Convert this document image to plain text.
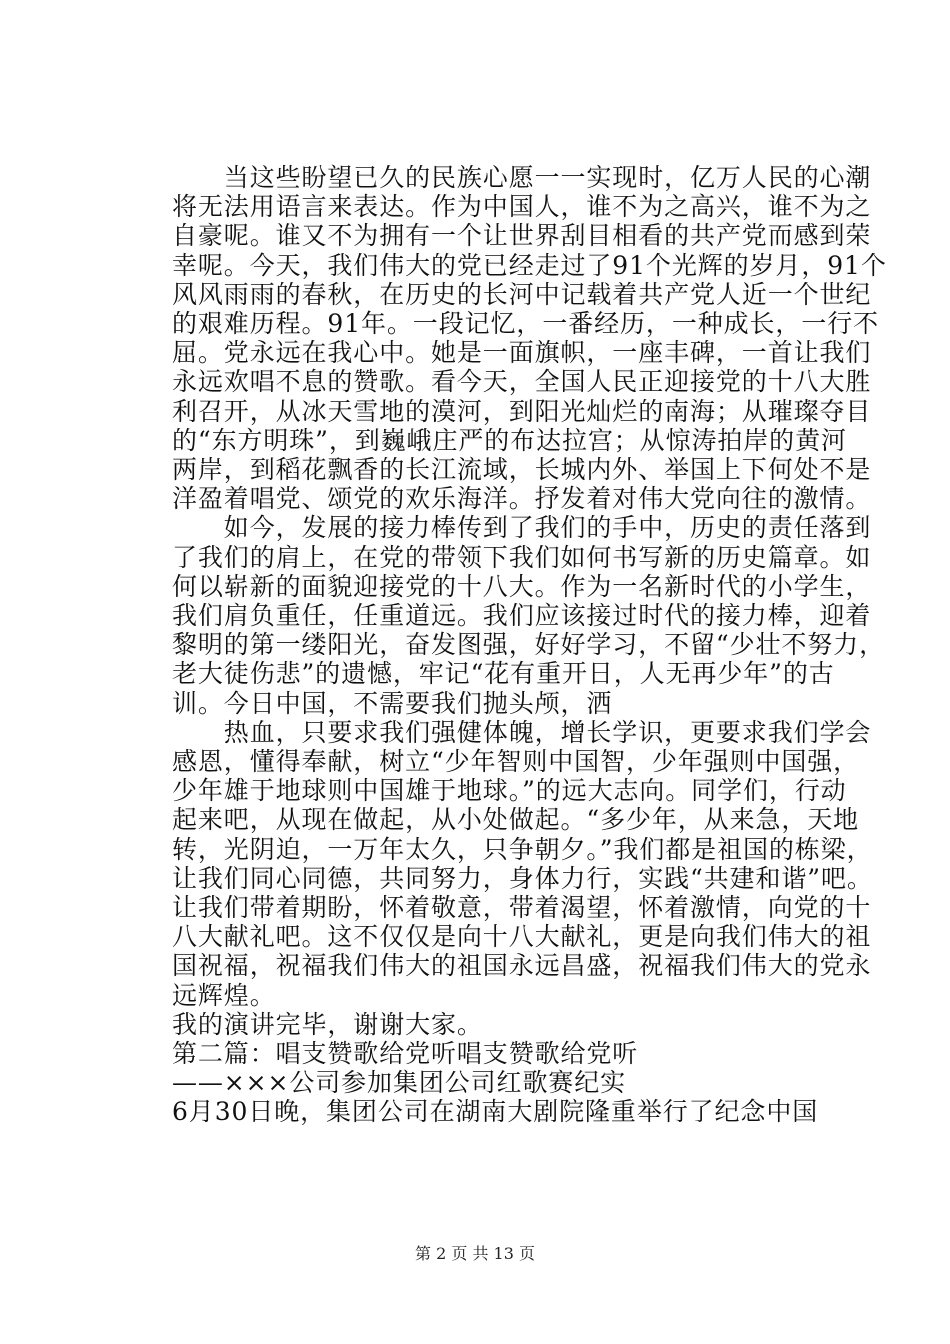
　　当这些盼望已久的民族心愿一一实现时，亿万人民的心潮
将无法用语言来表达。作为中国人，谁不为之高兴，谁不为之
自豪呢。谁又不为拥有一个让世界刮目相看的共产党而感到荣
幸呢。今天，我们伟大的党已经走过了91个光辉的岁月，91个
风风雨雨的春秋，在历史的长河中记载着共产党人近一个世纪
的艰难历程。91年。一段记忆，一番经历，一种成长，一行不
屈。党永远在我心中。她是一面旗帜，一座丰碑，一首让我们
永远欢唱不息的赞歌。看今天，全国人民正迎接党的十八大胜
利召开，从冰天雪地的漠河，到阳光灿烂的南海；从璀璨夺目
的“东方明珠”，到巍峨庄严的布达拉宫；从惊涛拍岸的黄河
两岸，到稻花飘香的长江流域，长城内外、举国上下何处不是
洋盈着唱党、颂党的欢乐海洋。抒发着对伟大党向往的激情。
　　如今，发展的接力棒传到了我们的手中，历史的责任落到
了我们的肩上，在党的带领下我们如何书写新的历史篇章。如
何以崭新的面貌迎接党的十八大。作为一名新时代的小学生，
我们肩负重任，任重道远。我们应该接过时代的接力棒，迎着
黎明的第一缕阳光，奋发图强，好好学习，不留“少壮不努力，
老大徒伤悲”的遗憾，牢记“花有重开日，人无再少年”的古
训。今日中国，不需要我们抛头颅，洒
　　热血，只要求我们强健体魄，增长学识，更要求我们学会
感恩，懂得奉献，树立“少年智则中国智，少年强则中国强，
少年雄于地球则中国雄于地球。”的远大志向。同学们，行动
起来吧，从现在做起，从小处做起。“多少年，从来急，天地
转，光阴迫，一万年太久，只争朝夕。”我们都是祖国的栋梁，
让我们同心同德，共同努力，身体力行，实践“共建和谐”吧。
让我们带着期盼，怀着敬意，带着渴望，怀着激情，向党的十
八大献礼吧。这不仅仅是向十八大献礼，更是向我们伟大的祖
国祝福，祝福我们伟大的祖国永远昌盛，祝福我们伟大的党永
远辉煌。
我的演讲完毕，谢谢大家。
第二篇：唱支赞歌给党听唱支赞歌给党听
——×××公司参加集团公司红歌赛纪实
6月30日晚，集团公司在湖南大剧院隆重举行了纪念中国
第 2 页 共 13 页
